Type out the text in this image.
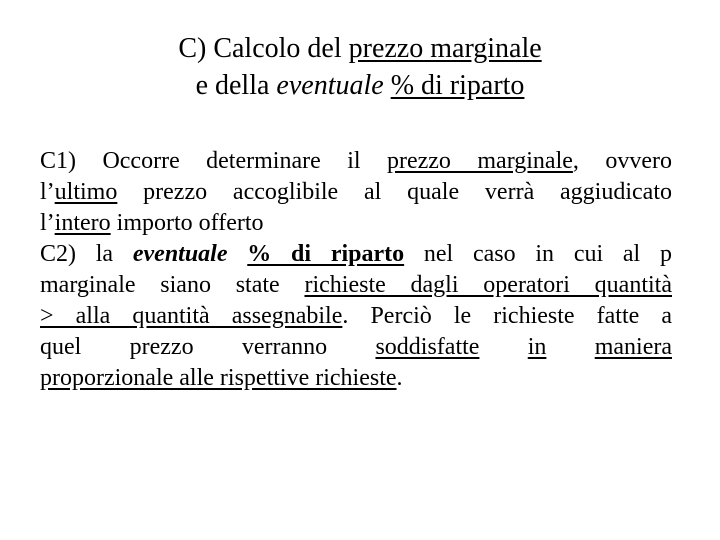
C) Calcolo del prezzo marginale
e della eventuale % di riparto
C1) Occorre determinare il prezzo marginale, ovvero
l’ultimo prezzo accoglibile al quale verrà aggiudicato
l’intero importo offerto
C2) la eventuale % di riparto nel caso in cui al p
marginale siano state richieste dagli operatori quantità
> alla quantità assegnabile. Perciò le richieste fatte a
quel prezzo verranno soddisfatte in maniera
proporzionale alle rispettive richieste.
